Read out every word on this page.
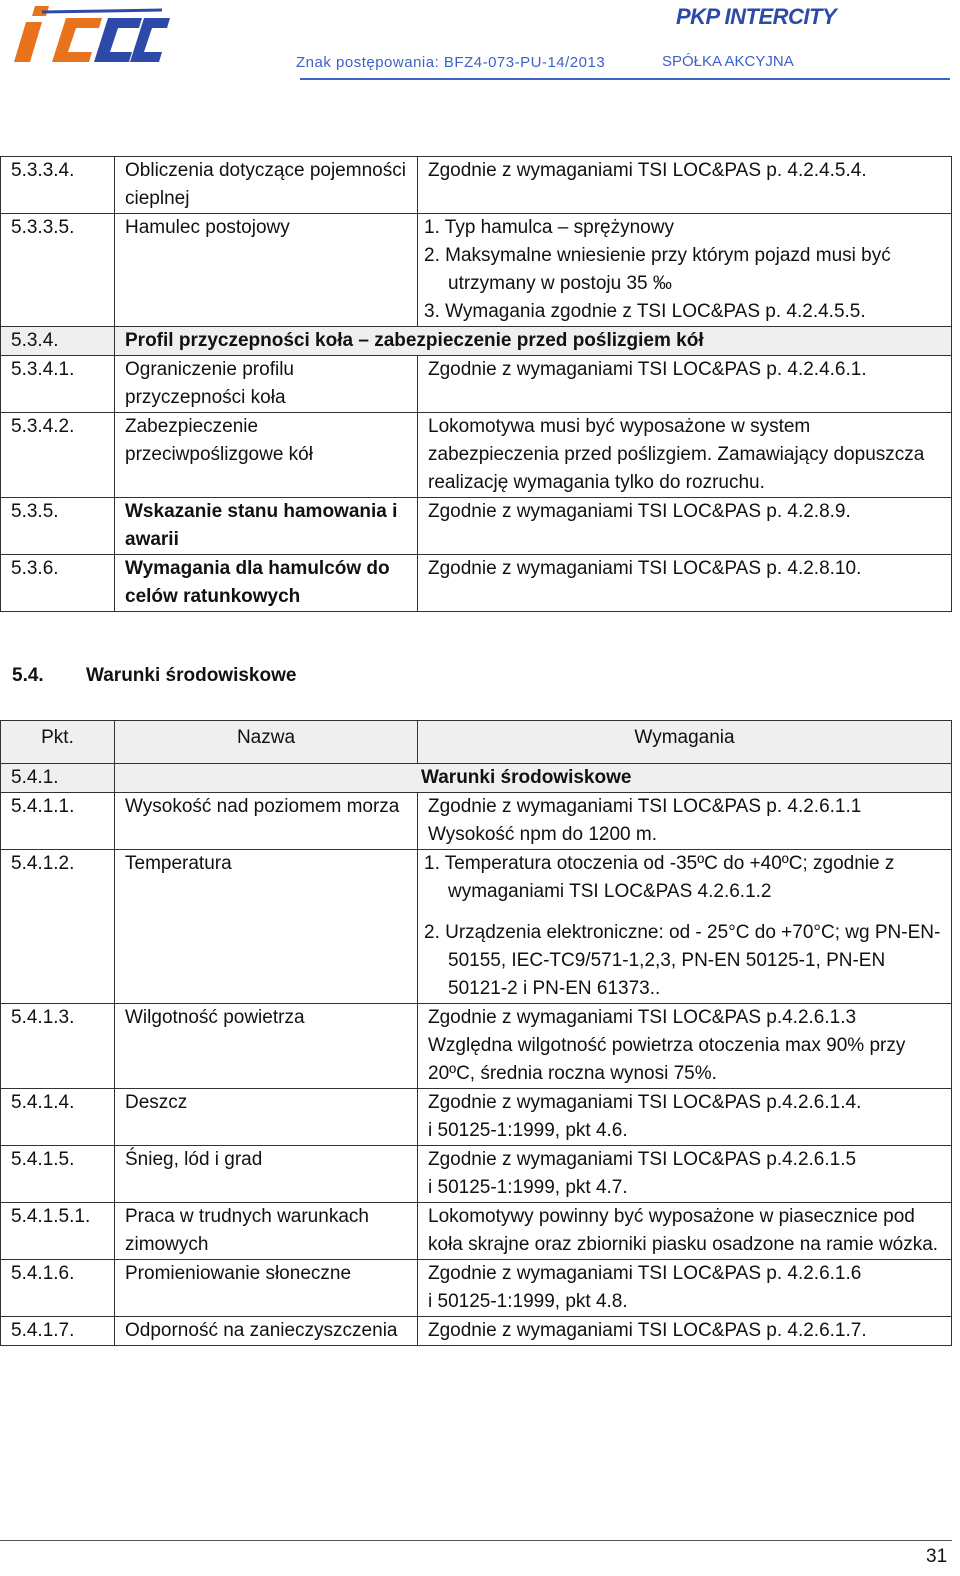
PKP INTERCITY
Znak postępowania: BFZ4-073-PU-14/2013	SPÓŁKA AKCYJNA
5.3.3.4.	Obliczenia dotyczące pojemności cieplnej	Zgodnie z wymaganiami TSI LOC&PAS p. 4.2.4.5.4.
5.3.3.5.	Hamulec postojowy	1. Typ hamulca – sprężynowy
2. Maksymalne wniesienie przy którym pojazd musi być utrzymany w postoju 35 ‰
3. Wymagania zgodnie z TSI LOC&PAS p. 4.2.4.5.5.

5.3.4.	Profil przyczepności koła – zabezpieczenie przed poślizgiem kół	
5.3.4.1.	Ograniczenie profilu przyczepności koła	Zgodnie z wymaganiami TSI LOC&PAS p. 4.2.4.6.1.
5.3.4.2.	Zabezpieczenie przeciwpoślizgowe kół	Lokomotywa musi być wyposażone w system zabezpieczenia przed poślizgiem. Zamawiający dopuszcza realizację wymagania tylko do rozruchu.
5.3.5.	Wskazanie stanu hamowania i awarii	Zgodnie z wymaganiami TSI LOC&PAS p. 4.2.8.9.
5.3.6.	Wymagania dla hamulców do celów ratunkowych	Zgodnie z wymaganiami TSI LOC&PAS p. 4.2.8.10.
5.4. Warunki środowiskowe
Pkt.	Nazwa	Wymagania
5.4.1.	Warunki środowiskowe	
5.4.1.1.	Wysokość nad poziomem morza	Zgodnie z wymaganiami TSI LOC&PAS p. 4.2.6.1.1
Wysokość npm do 1200 m.

5.4.1.2.	Temperatura	1. Temperatura otoczenia od -35ºC do +40ºC; zgodnie z wymaganiami TSI LOC&PAS 4.2.6.1.2
2. Urządzenia elektroniczne: od - 25°C do +70°C; wg PN-EN-50155, IEC-TC9/571-1,2,3, PN-EN 50125-1, PN-EN 50121-2 i PN-EN 61373..

5.4.1.3.	Wilgotność powietrza	Zgodnie z wymaganiami TSI LOC&PAS p.4.2.6.1.3
Względna wilgotność powietrza otoczenia max 90% przy 20ºC, średnia roczna wynosi 75%.

5.4.1.4.	Deszcz	Zgodnie z wymaganiami TSI LOC&PAS p.4.2.6.1.4.
i 50125-1:1999, pkt 4.6.

5.4.1.5.	Śnieg, lód i grad	Zgodnie z wymaganiami TSI LOC&PAS p.4.2.6.1.5
i 50125-1:1999, pkt 4.7.

5.4.1.5.1.	Praca w trudnych warunkach zimowych	Lokomotywy powinny być wyposażone w piasecznice pod koła skrajne oraz zbiorniki piasku osadzone na ramie wózka.
5.4.1.6.	Promieniowanie słoneczne	Zgodnie z wymaganiami TSI LOC&PAS p. 4.2.6.1.6
i 50125-1:1999, pkt 4.8.

5.4.1.7.	Odporność na zanieczyszczenia	Zgodnie z wymaganiami TSI LOC&PAS p. 4.2.6.1.7.
31
